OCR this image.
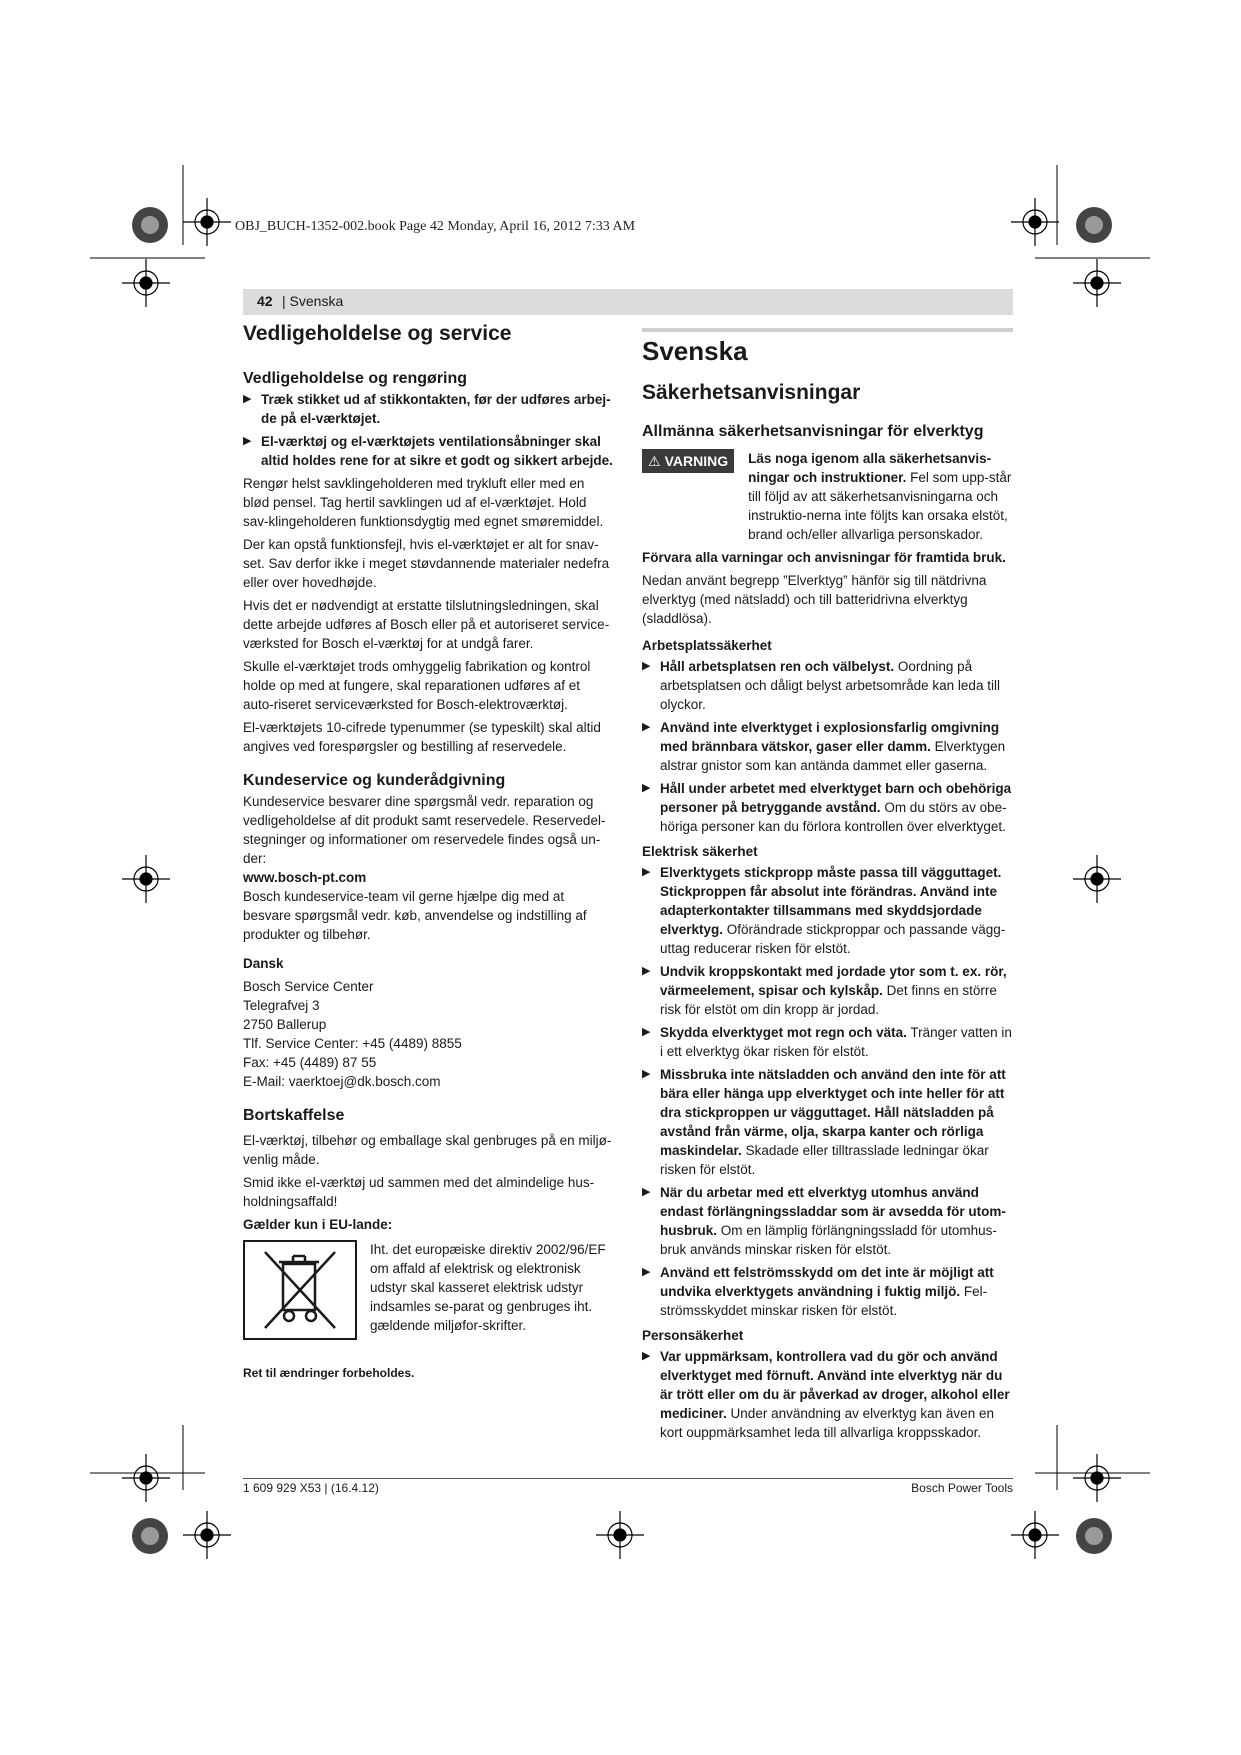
OBJ_BUCH-1352-002.book Page 42 Monday, April 16, 2012 7:33 AM
42 | Svenska
Vedligeholdelse og service
Vedligeholdelse og rengøring
▶ Træk stikket ud af stikkontakten, før der udføres arbej-de på el-værktøjet.
▶ El-værktøj og el-værktøjets ventilationsåbninger skal altid holdes rene for at sikre et godt og sikkert arbejde.

Rengør helst savklingeholderen med trykluft eller med en blød pensel. Tag hertil savklingen ud af el-værktøjet. Hold sav-klingeholderen funktionsdygtig med egnet smøremiddel.

Der kan opstå funktionsfejl, hvis el-værktøjet er alt for snav-set. Sav derfor ikke i meget støvdannende materialer nedefra eller over hovedhøjde.

Hvis det er nødvendigt at erstatte tilslutningsledningen, skal dette arbejde udføres af Bosch eller på et autoriseret service-værksted for Bosch el-værktøj for at undgå farer.

Skulle el-værktøjet trods omhyggelig fabrikation og kontrol holde op med at fungere, skal reparationen udføres af et auto-riseret serviceværksted for Bosch-elektroværktøj.

El-værktøjets 10-cifrede typenummer (se typeskilt) skal altid angives ved forespørgsler og bestilling af reservedele.

Kundeservice og kunderådgivning

Kundeservice besvarer dine spørgsmål vedr. reparation og vedligeholdelse af dit produkt samt reservedele. Reservedel-stegninger og informationer om reservedele findes også un-der:

www.bosch-pt.com

Bosch kundeservice-team vil gerne hjælpe dig med at besvare spørgsmål vedr. køb, anvendelse og indstilling af produkter og tilbehør.

Dansk

Bosch Service Center

Telegrafvej 3

2750 Ballerup

Tlf. Service Center: +45 (4489) 8855

Fax: +45 (4489) 87 55

E-Mail: vaerktoej@dk.bosch.com

Bortskaffelse

El-værktøj, tilbehør og emballage skal genbruges på en miljø-venlig måde.

Smid ikke el-værktøj ud sammen med det almindelige hus-holdningsaffald!

Gælder kun i EU-lande:

Iht. det europæiske direktiv 2002/96/EF om affald af elektrisk og elektronisk udstyr skal kasseret elektrisk udstyr indsamles se-parat og genbruges iht. gældende miljøfor-skrifter.

Ret til ændringer forbeholdes.

Svenska
Säkerhetsanvisningar
Allmänna säkerhetsanvisningar för elverktyg
⚠ VARNING	Läs noga igenom alla säkerhetsanvis-ningar och instruktioner. Fel som upp-står till följd av att säkerhetsanvisningarna och instruktio-nerna inte följts kan orsaka elstöt, brand och/eller allvarliga personskador.

Förvara alla varningar och anvisningar för framtida bruk.

Nedan använt begrepp ”Elverktyg” hänför sig till nätdrivna elverktyg (med nätsladd) och till batteridrivna elverktyg (sladdlösa).

Arbetsplatssäkerhet
▶ Håll arbetsplatsen ren och välbelyst. Oordning på arbetsplatsen och dåligt belyst arbetsområde kan leda till olyckor.
▶ Använd inte elverktyget i explosionsfarlig omgivning med brännbara vätskor, gaser eller damm. Elverktygen alstrar gnistor som kan antända dammet eller gaserna.
▶ Håll under arbetet med elverktyget barn och obehöriga personer på betryggande avstånd. Om du störs av obe-höriga personer kan du förlora kontrollen över elverktyget.
Elektrisk säkerhet
▶ Elverktygets stickpropp måste passa till vägguttaget. Stickproppen får absolut inte förändras. Använd inte adapterkontakter tillsammans med skyddsjordade elverktyg. Oförändrade stickproppar och passande vägg-uttag reducerar risken för elstöt.
▶ Undvik kroppskontakt med jordade ytor som t. ex. rör, värmeelement, spisar och kylskåp. Det finns en större risk för elstöt om din kropp är jordad.
▶ Skydda elverktyget mot regn och väta. Tränger vatten in i ett elverktyg ökar risken för elstöt.
▶ Missbruka inte nätsladden och använd den inte för att bära eller hänga upp elverktyget och inte heller för att dra stickproppen ur vägguttaget. Håll nätsladden på avstånd från värme, olja, skarpa kanter och rörliga maskindelar. Skadade eller tilltrasslade ledningar ökar risken för elstöt.
▶ När du arbetar med ett elverktyg utomhus använd endast förlängningssladdar som är avsedda för utom-husbruk. Om en lämplig förlängningssladd för utomhus-bruk används minskar risken för elstöt.
▶ Använd ett felströmsskydd om det inte är möjligt att undvika elverktygets användning i fuktig miljö. Fel-strömsskyddet minskar risken för elstöt.
Personsäkerhet
▶ Var uppmärksam, kontrollera vad du gör och använd elverktyget med förnuft. Använd inte elverktyg när du är trött eller om du är påverkad av droger, alkohol eller mediciner. Under användning av elverktyg kan även en kort ouppmärksamhet leda till allvarliga kroppsskador.
1 609 929 X53 | (16.4.12)	Bosch Power Tools
